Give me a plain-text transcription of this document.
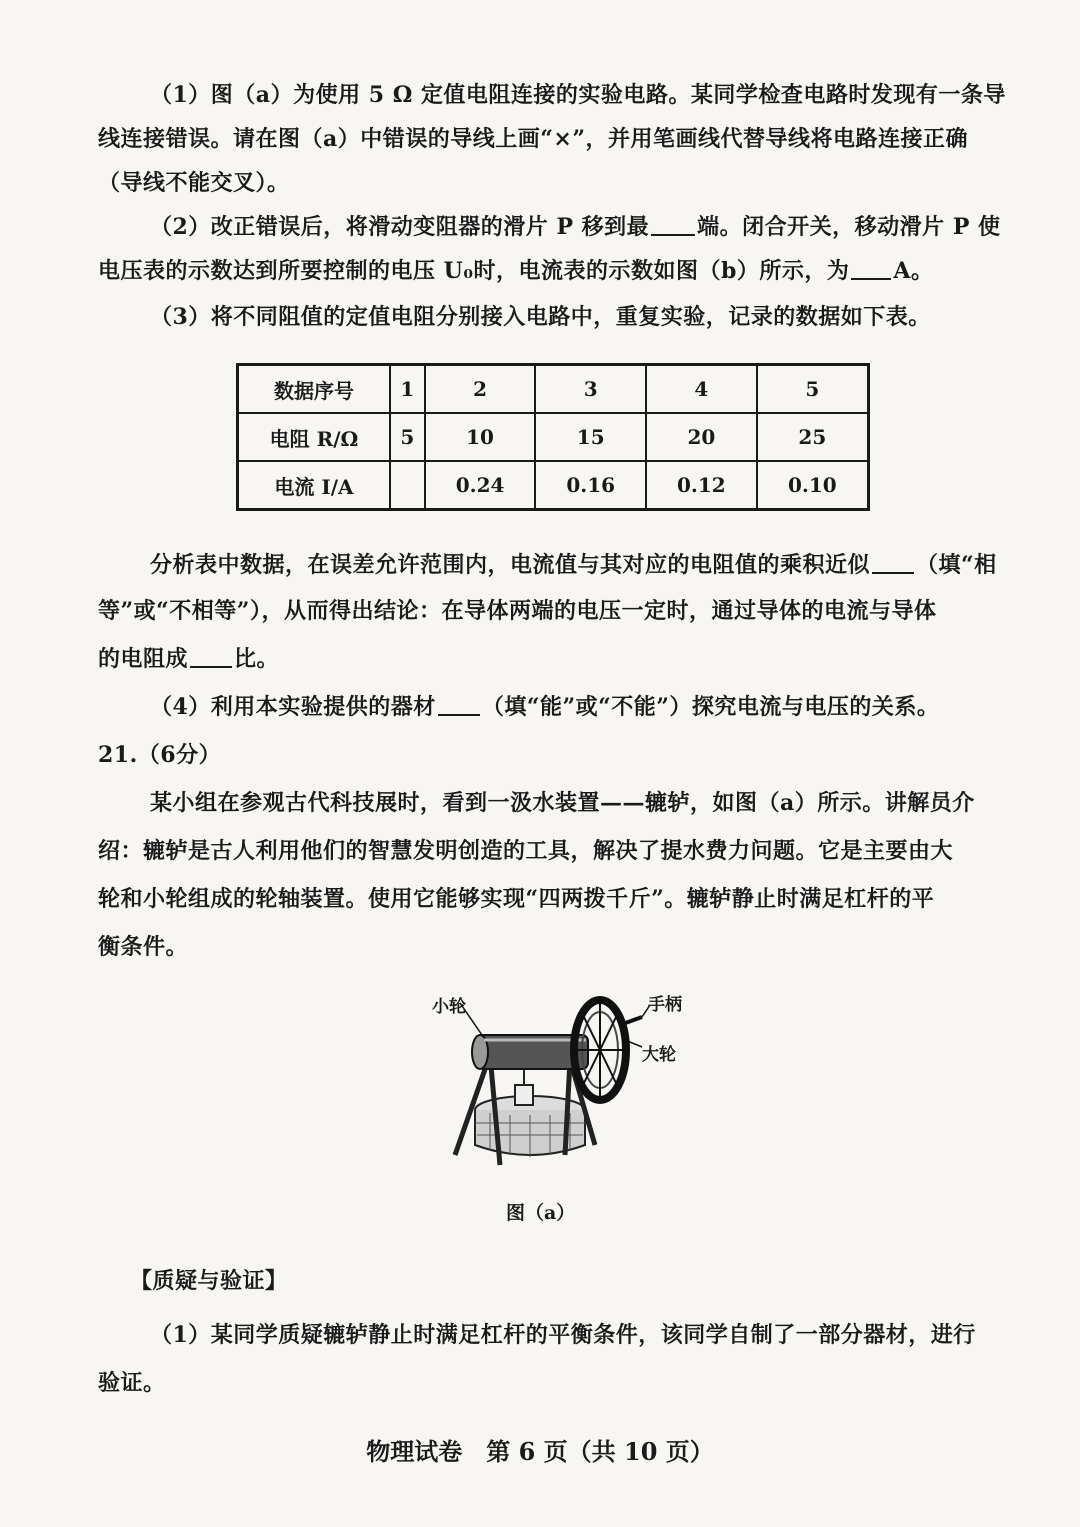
（1）图（a）为使用 5 Ω 定值电阻连接的实验电路。某同学检查电路时发现有一条导
线连接错误。请在图（a）中错误的导线上画“×”，并用笔画线代替导线将电路连接正确
（导线不能交叉）。
（2）改正错误后，将滑动变阻器的滑片 P 移到最 端。闭合开关，移动滑片 P 使
电压表的示数达到所要控制的电压 U₀时，电流表的示数如图（b）所示，为 A。
（3）将不同阻值的定值电阻分别接入电路中，重复实验，记录的数据如下表。
数据序号	1	2	3	4	5
电阻 R/Ω	5	10	15	20	25
电流 I/A		0.24	0.16	0.12	0.10
分析表中数据，在误差允许范围内，电流值与其对应的电阻值的乘积近似 （填“相
等”或“不相等”），从而得出结论：在导体两端的电压一定时，通过导体的电流与导体
的电阻成 比。
（4）利用本实验提供的器材 （填“能”或“不能”）探究电流与电压的关系。
21.（6分）
某小组在参观古代科技展时，看到一汲水装置——辘轳，如图（a）所示。讲解员介
绍：辘轳是古人利用他们的智慧发明创造的工具，解决了提水费力问题。它是主要由大
轮和小轮组成的轮轴装置。使用它能够实现“四两拨千斤”。辘轳静止时满足杠杆的平
衡条件。
小轮	手柄
大轮
图（a）
【质疑与验证】
（1）某同学质疑辘轳静止时满足杠杆的平衡条件，该同学自制了一部分器材，进行
验证。
物理试卷　第 6 页（共 10 页）
